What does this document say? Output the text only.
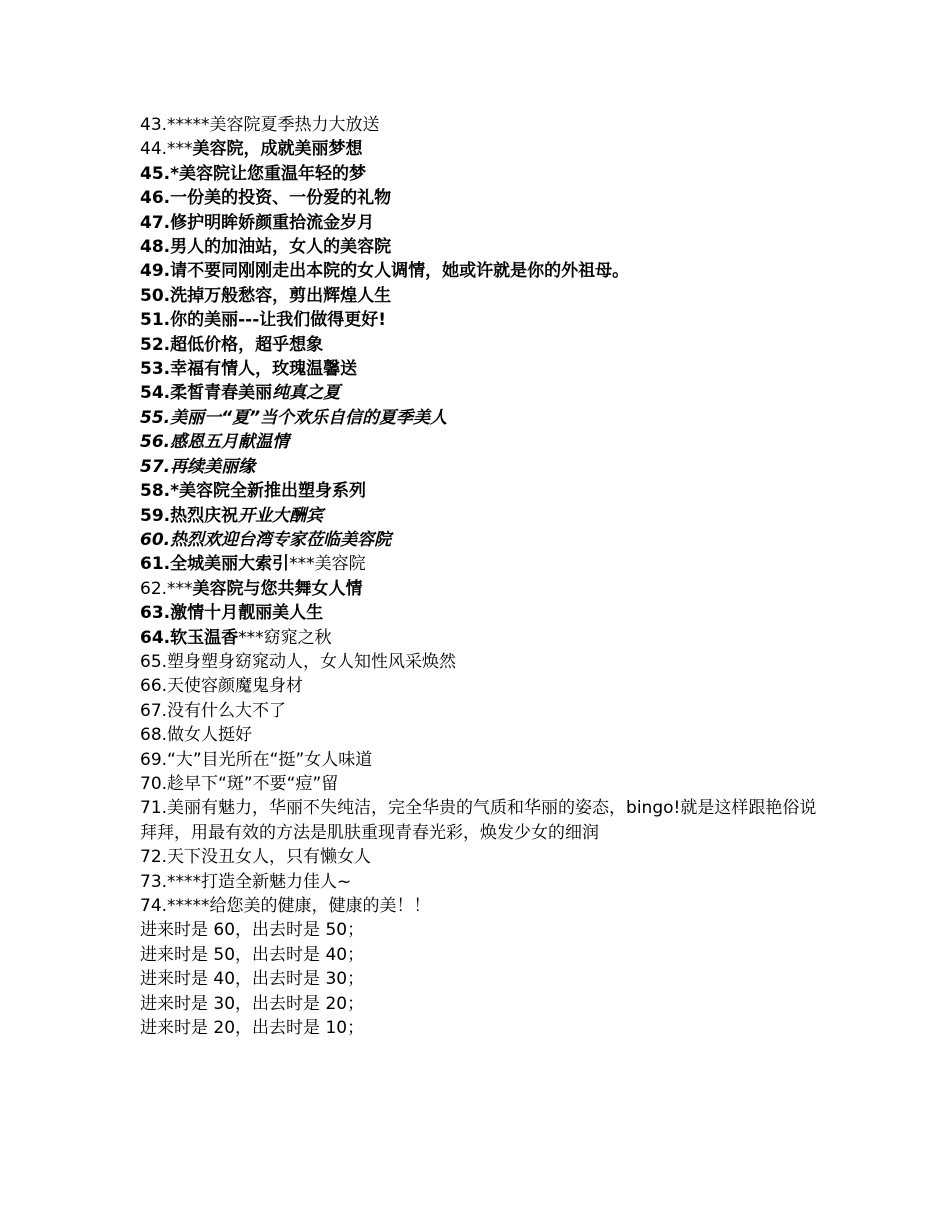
43.*****美容院夏季热力大放送
44.***美容院，成就美丽梦想
45.*美容院让您重温年轻的梦
46.一份美的投资、一份爱的礼物
47.修护明眸娇颜重拾流金岁月
48.男人的加油站，女人的美容院
49.请不要同刚刚走出本院的女人调情，她或许就是你的外祖母。
50.洗掉万般愁容，剪出辉煌人生
51.你的美丽---让我们做得更好!
52.超低价格，超乎想象
53.幸福有情人，玫瑰温馨送
54.柔皙青春美丽纯真之夏
55.美丽一“夏”当个欢乐自信的夏季美人
56.感恩五月献温情
57.再续美丽缘
58.*美容院全新推出塑身系列
59.热烈庆祝开业大酬宾
60.热烈欢迎台湾专家莅临美容院
61.全城美丽大索引***美容院
62.***美容院与您共舞女人情
63.激情十月靓丽美人生
64.软玉温香***窈窕之秋
65.塑身塑身窈窕动人，女人知性风采焕然
66.天使容颜魔鬼身材
67.没有什么大不了
68.做女人挺好
69.“大”目光所在“挺”女人味道
70.趁早下“斑”不要“痘”留
71.美丽有魅力，华丽不失纯洁，完全华贵的气质和华丽的姿态，bingo!就是这样跟艳俗说拜拜，用最有效的方法是肌肤重现青春光彩，焕发少女的细润
72.天下没丑女人，只有懒女人
73.****打造全新魅力佳人~
74.*****给您美的健康，健康的美！！
进来时是 60，出去时是 50；
进来时是 50，出去时是 40；
进来时是 40，出去时是 30；
进来时是 30，出去时是 20；
进来时是 20，出去时是 10；
